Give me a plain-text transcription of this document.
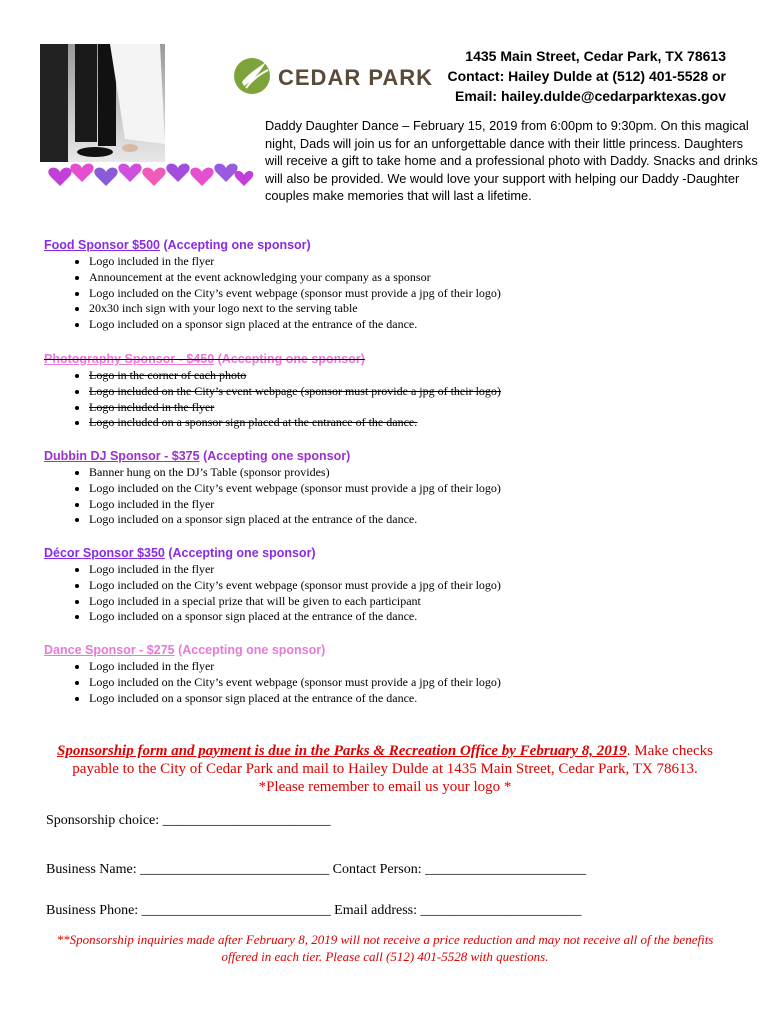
CEDAR PARK
1435 Main Street, Cedar Park, TX 78613
Contact: Hailey Dulde at (512) 401-5528 or
Email: hailey.dulde@cedarparktexas.gov
Daddy Daughter Dance – February 15, 2019 from 6:00pm to 9:30pm. On this magical night, Dads will join us for an unforgettable dance with their little princess. Daughters will receive a gift to take home and a professional photo with Daddy. Snacks and drinks will also be provided. We would love your support with helping our Daddy -Daughter couples make memories that will last a lifetime.
Food Sponsor $500 (Accepting one sponsor)
• Logo included in the flyer
• Announcement at the event acknowledging your company as a sponsor
• Logo included on the City’s event webpage (sponsor must provide a jpg of their logo)
• 20x30 inch sign with your logo next to the serving table
• Logo included on a sponsor sign placed at the entrance of the dance.
Photography Sponsor - $450 (Accepting one sponsor)
• Logo in the corner of each photo
• Logo included on the City’s event webpage (sponsor must provide a jpg of their logo)
• Logo included in the flyer
• Logo included on a sponsor sign placed at the entrance of the dance.
Dubbin DJ Sponsor - $375 (Accepting one sponsor)
• Banner hung on the DJ’s Table (sponsor provides)
• Logo included on the City’s event webpage (sponsor must provide a jpg of their logo)
• Logo included in the flyer
• Logo included on a sponsor sign placed at the entrance of the dance.
Décor Sponsor $350 (Accepting one sponsor)
• Logo included in the flyer
• Logo included on the City’s event webpage (sponsor must provide a jpg of their logo)
• Logo included in a special prize that will be given to each participant
• Logo included on a sponsor sign placed at the entrance of the dance.
Dance Sponsor - $275 (Accepting one sponsor)
• Logo included in the flyer
• Logo included on the City’s event webpage (sponsor must provide a jpg of their logo)
• Logo included on a sponsor sign placed at the entrance of the dance.
Sponsorship form and payment is due in the Parks & Recreation Office by February 8, 2019. Make checks payable to the City of Cedar Park and mail to Hailey Dulde at 1435 Main Street, Cedar Park, TX 78613.
*Please remember to email us your logo *
Sponsorship choice: ________________________
Business Name: ___________________________ Contact Person: _______________________
Business Phone: ___________________________ Email address: _______________________
**Sponsorship inquiries made after February 8, 2019 will not receive a price reduction and may not receive all of the benefits offered in each tier. Please call (512) 401-5528 with questions.
